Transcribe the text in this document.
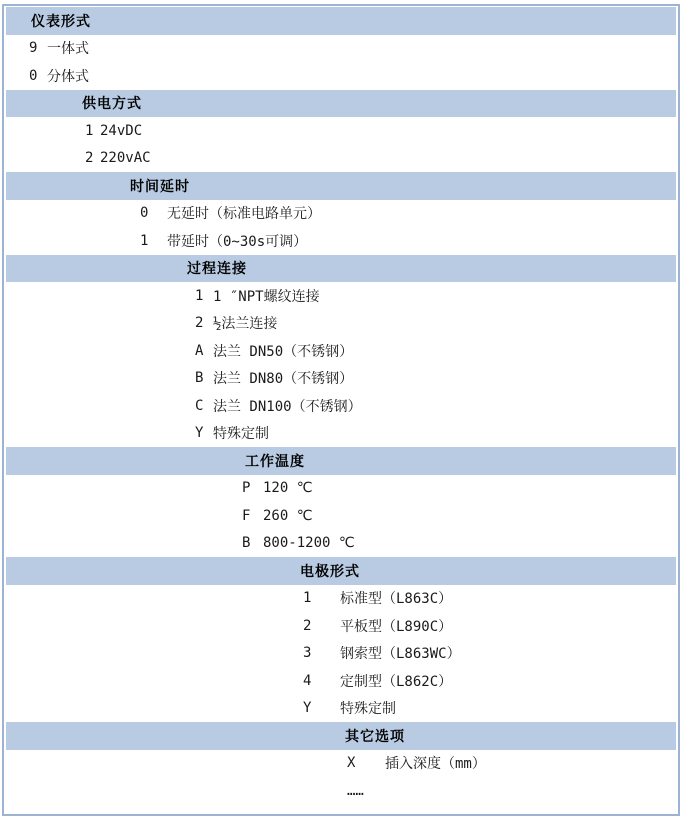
仪表形式
9 一体式
0 分体式
供电方式
1 24vDC
2 220vAC
时间延时
0	无延时（标准电路单元）
1	带延时（0~30s可调）
过程连接
1 1 ″NPT螺纹连接
2 ½法兰连接
A 法兰 DN50（不锈钢）
B 法兰 DN80（不锈钢）
C 法兰 DN100（不锈钢）
Y 特殊定制
工作温度
P 120 ℃
F 260 ℃
B 800-1200 ℃
电极形式
1	标准型（L863C）
2	平板型（L890C）
3	钢索型（L863WC）
4	定制型（L862C）
Y	特殊定制
其它选项
X	插入深度（mm）
……
